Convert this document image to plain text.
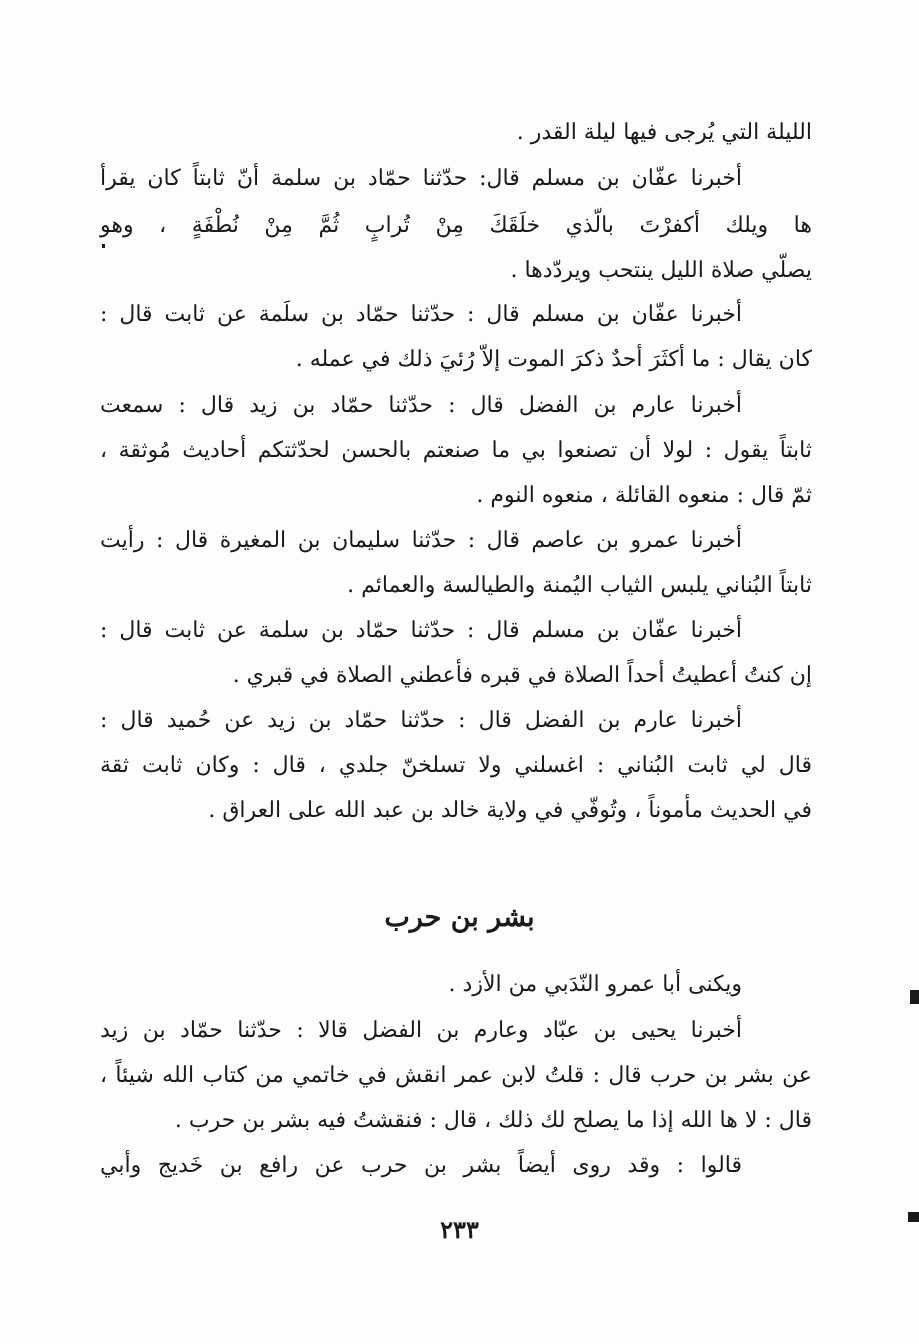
الليلة التي يُرجى فيها ليلة القدر .
أخبرنا عفّان بن مسلم قال: حدّثنا حمّاد بن سلمة أنّ ثابتاً كان يقرأ
ها ويلك أكفرْتَ بالّذي خلَقَكَ مِنْ تُرابٍ ثُمَّ مِنْ نُطْفَةٍ ، وهو
يصلّي صلاة الليل ينتحب ويردّدها .
أخبرنا عفّان بن مسلم قال : حدّثنا حمّاد بن سلَمة عن ثابت قال :
كان يقال : ما أكثَرَ أحدٌ ذكرَ الموت إلاّ رُئيَ ذلك في عمله .
أخبرنا عارم بن الفضل قال : حدّثنا حمّاد بن زيد قال : سمعت
ثابتاً يقول : لولا أن تصنعوا بي ما صنعتم بالحسن لحدّثتكم أحاديث مُوثقة ،
ثمّ قال : منعوه القائلة ، منعوه النوم .
أخبرنا عمرو بن عاصم قال : حدّثنا سليمان بن المغيرة قال : رأيت
ثابتاً البُناني يلبس الثياب اليُمنة والطيالسة والعمائم .
أخبرنا عفّان بن مسلم قال : حدّثنا حمّاد بن سلمة عن ثابت قال :
إن كنتُ أعطيتُ أحداً الصلاة في قبره فأعطني الصلاة في قبري .
أخبرنا عارم بن الفضل قال : حدّثنا حمّاد بن زيد عن حُميد قال :
قال لي ثابت البُناني : اغسلني ولا تسلخنّ جلدي ، قال : وكان ثابت ثقة
في الحديث مأموناً ، وتُوفّي في ولاية خالد بن عبد الله على العراق .
بشر بن حرب
ويكنى أبا عمرو النّدَبي من الأزد .
أخبرنا يحيى بن عبّاد وعارم بن الفضل قالا : حدّثنا حمّاد بن زيد
عن بشر بن حرب قال : قلتُ لابن عمر انقش في خاتمي من كتاب الله شيئاً ،
قال : لا ها الله إذا ما يصلح لك ذلك ، قال : فنقشتُ فيه بشر بن حرب .
قالوا : وقد روى أيضاً بشر بن حرب عن رافع بن خَديج وأبي
٢٣٣
